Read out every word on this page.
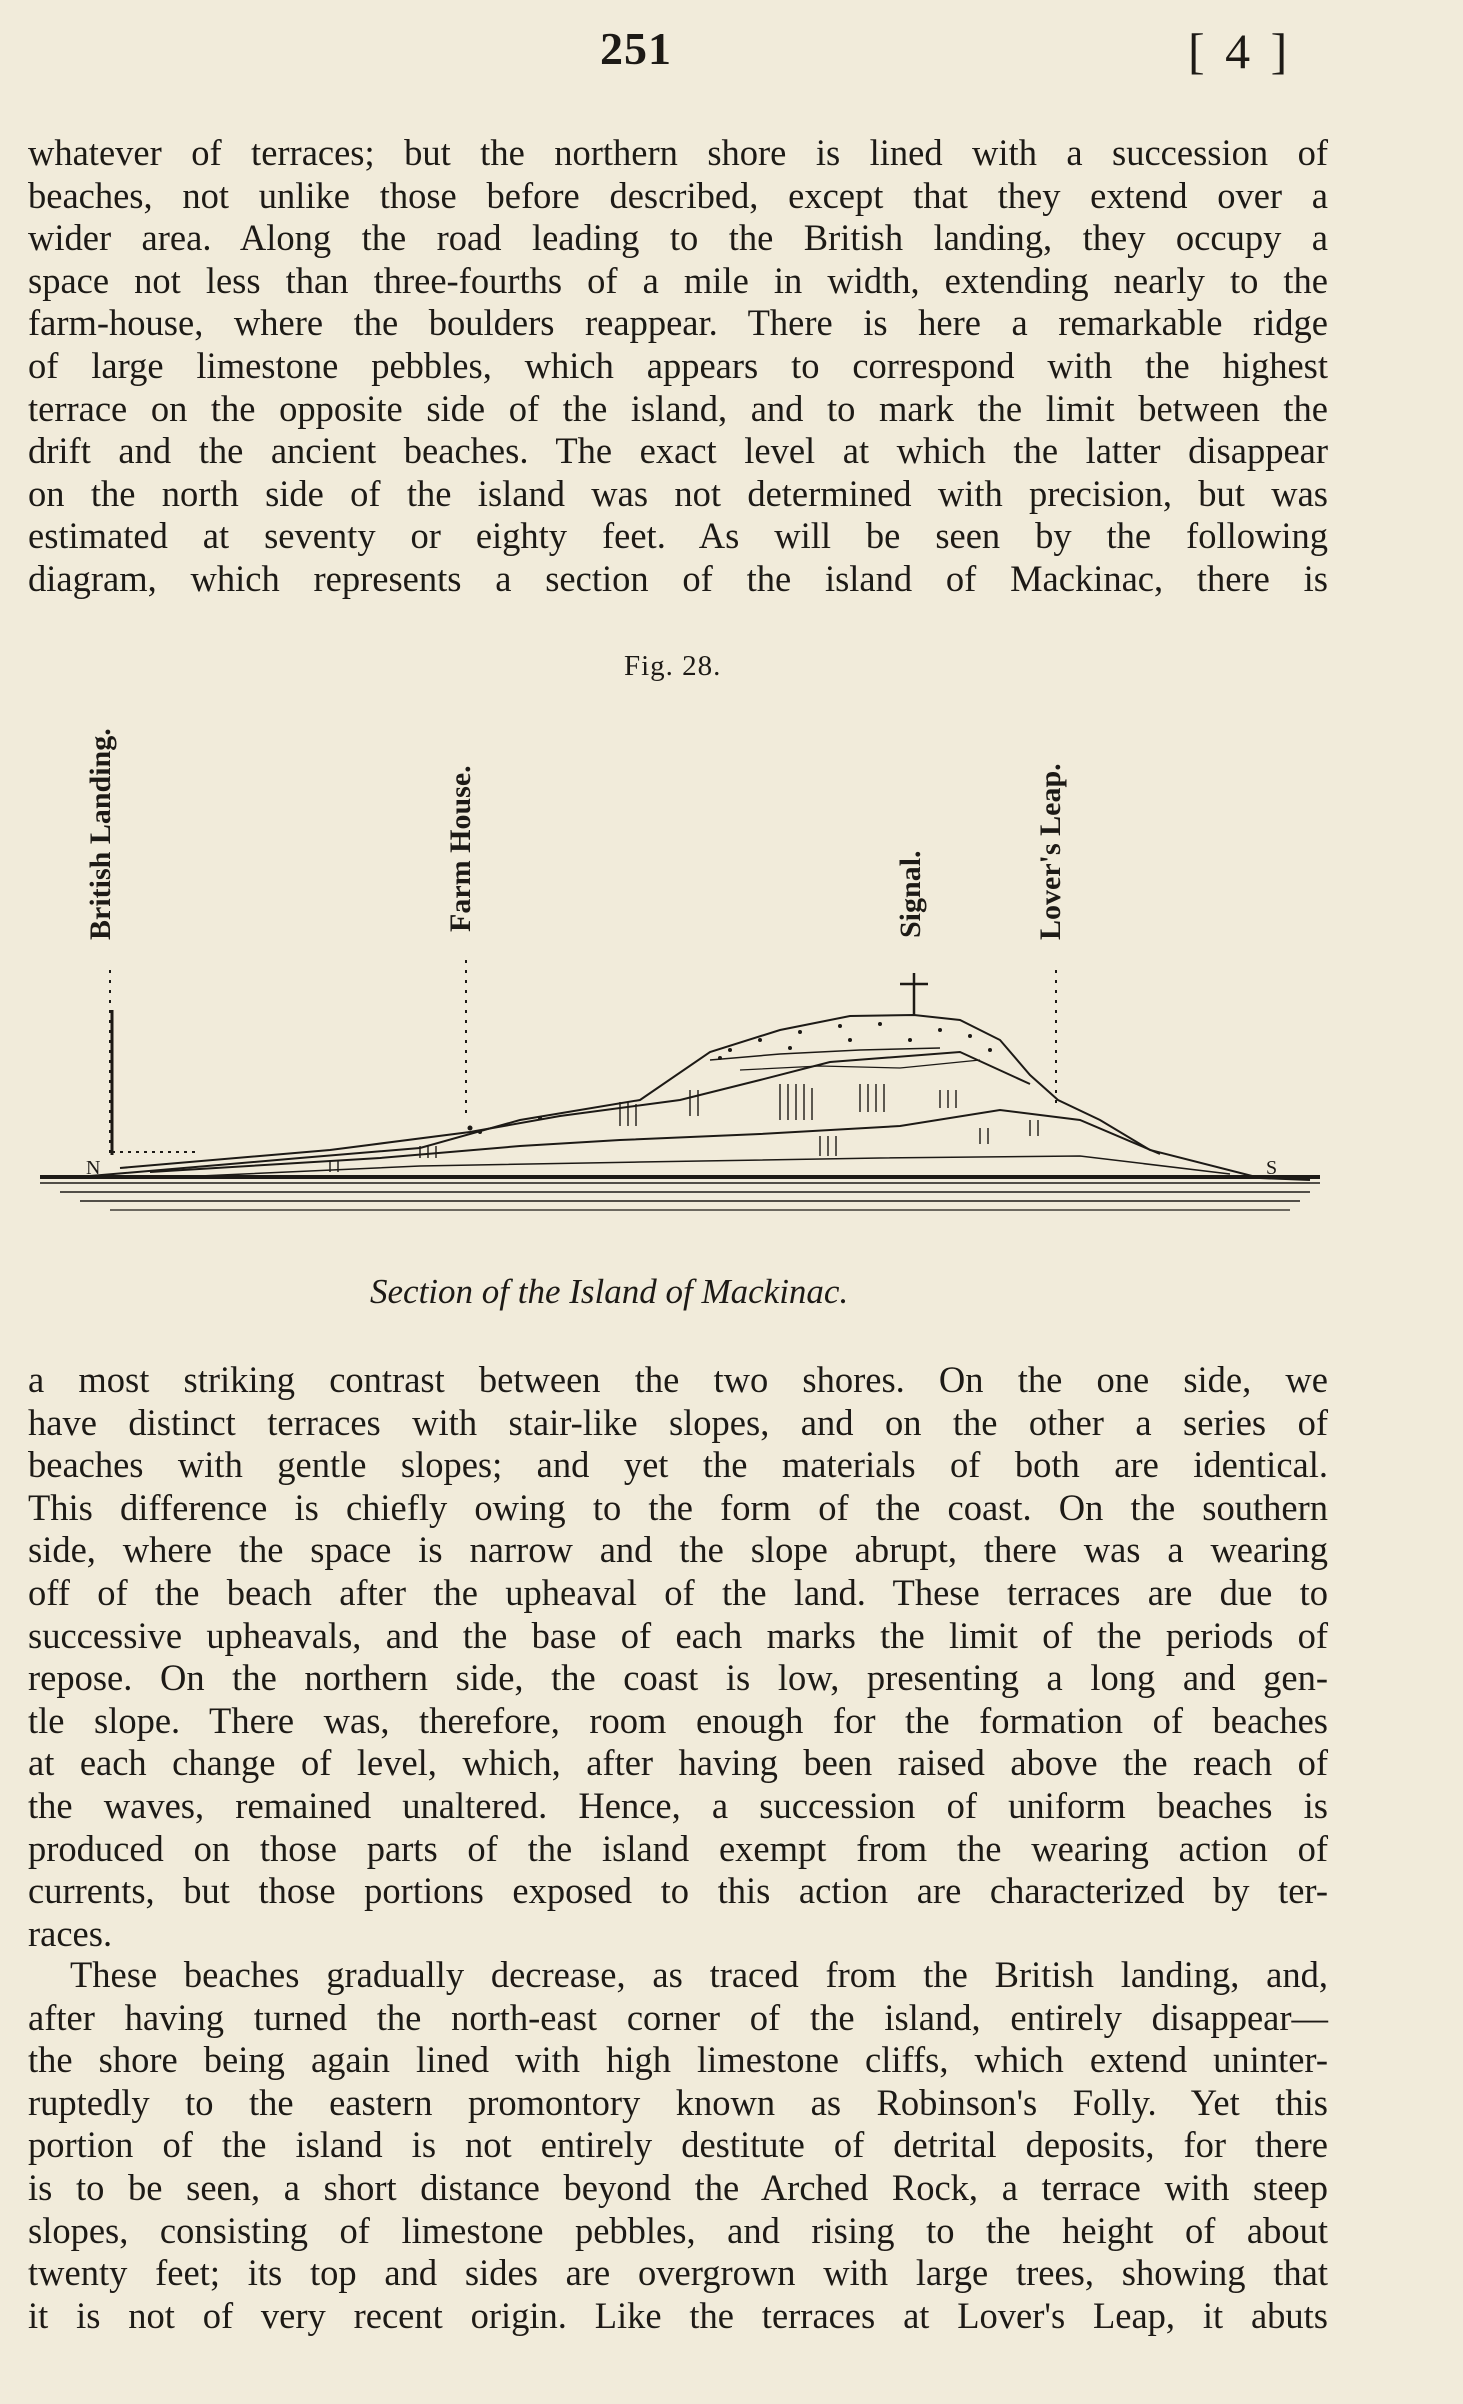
251	[ 4 ]
whatever of terraces; but the northern shore is lined with a succession of
beaches, not unlike those before described, except that they extend over a
wider area. Along the road leading to the British landing, they occupy a
space not less than three-fourths of a mile in width, extending nearly to the
farm-house, where the boulders reappear. There is here a remarkable ridge
of large limestone pebbles, which appears to correspond with the highest
terrace on the opposite side of the island, and to mark the limit between the
drift and the ancient beaches. The exact level at which the latter disappear
on the north side of the island was not determined with precision, but was
estimated at seventy or eighty feet. As will be seen by the following
diagram, which represents a section of the island of Mackinac, there is
Fig. 28.
British Landing.	Farm House.	Signal.	Lover's Leap.
N	S
Section of the Island of Mackinac.
a most striking contrast between the two shores. On the one side, we
have distinct terraces with stair-like slopes, and on the other a series of
beaches with gentle slopes; and yet the materials of both are identical.
This difference is chiefly owing to the form of the coast. On the southern
side, where the space is narrow and the slope abrupt, there was a wearing
off of the beach after the upheaval of the land. These terraces are due to
successive upheavals, and the base of each marks the limit of the periods of
repose. On the northern side, the coast is low, presenting a long and gen-
tle slope. There was, therefore, room enough for the formation of beaches
at each change of level, which, after having been raised above the reach of
the waves, remained unaltered. Hence, a succession of uniform beaches is
produced on those parts of the island exempt from the wearing action of
currents, but those portions exposed to this action are characterized by ter-
races.
These beaches gradually decrease, as traced from the British landing, and,
after having turned the north-east corner of the island, entirely disappear—
the shore being again lined with high limestone cliffs, which extend uninter-
ruptedly to the eastern promontory known as Robinson's Folly. Yet this
portion of the island is not entirely destitute of detrital deposits, for there
is to be seen, a short distance beyond the Arched Rock, a terrace with steep
slopes, consisting of limestone pebbles, and rising to the height of about
twenty feet; its top and sides are overgrown with large trees, showing that
it is not of very recent origin. Like the terraces at Lover's Leap, it abuts
